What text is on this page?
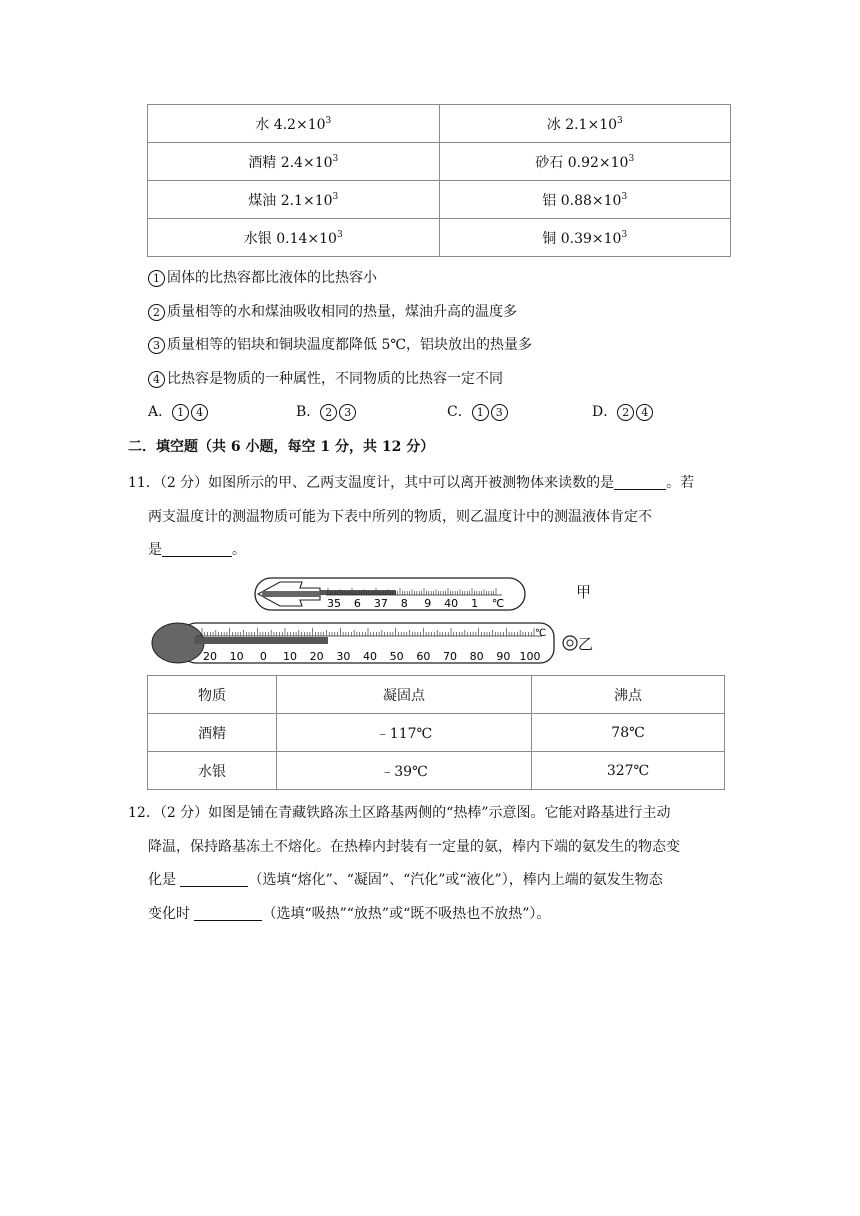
水 $4.2\times 10^3$	冰 $2.1\times 10^3$
酒精 $2.4\times 10^3$	砂石 $0.92\times 10^3$
煤油 $2.1\times 10^3$	铝 $0.88\times 10^3$
水银 $0.14\times 10^3$	铜 $0.39\times 10^3$
1 固体的比热容都比液体的比热容小
2 质量相等的水和煤油吸收相同的热量，煤油升高的温度多
3 质量相等的铝块和铜块温度都降低 5℃，铝块放出的热量多
4 比热容是物质的一种属性，不同物质的比热容一定不同
A． 1 4	B． 2 3	C． 1 3	D． 2 4
二．填空题（共 6 小题，每空 1 分，共 12 分）
11．（2 分）如图所示的甲、乙两支温度计，其中可以离开被测物体来读数的是	。若
两支温度计的测温物质可能为下表中所列的物质，则乙温度计中的测温液体肯定不
是	。
35 6 37 8 9 40 1 ℃
20 10 0 10 20 30 40 50 60 70 80 90 100
℃
甲
乙
物质	凝固点	沸点
酒精	﹣117℃	78℃
水银	﹣39℃	327℃
12．（2 分）如图是铺在青藏铁路冻土区路基两侧的“热棒”示意图。它能对路基进行主动
降温，保持路基冻土不熔化。在热棒内封装有一定量的氨，棒内下端的氨发生的物态变
化是	（选填“熔化”、“凝固”、“汽化”或“液化”），棒内上端的氨发生物态
变化时	（选填“吸热”“放热”或“既不吸热也不放热”）。
